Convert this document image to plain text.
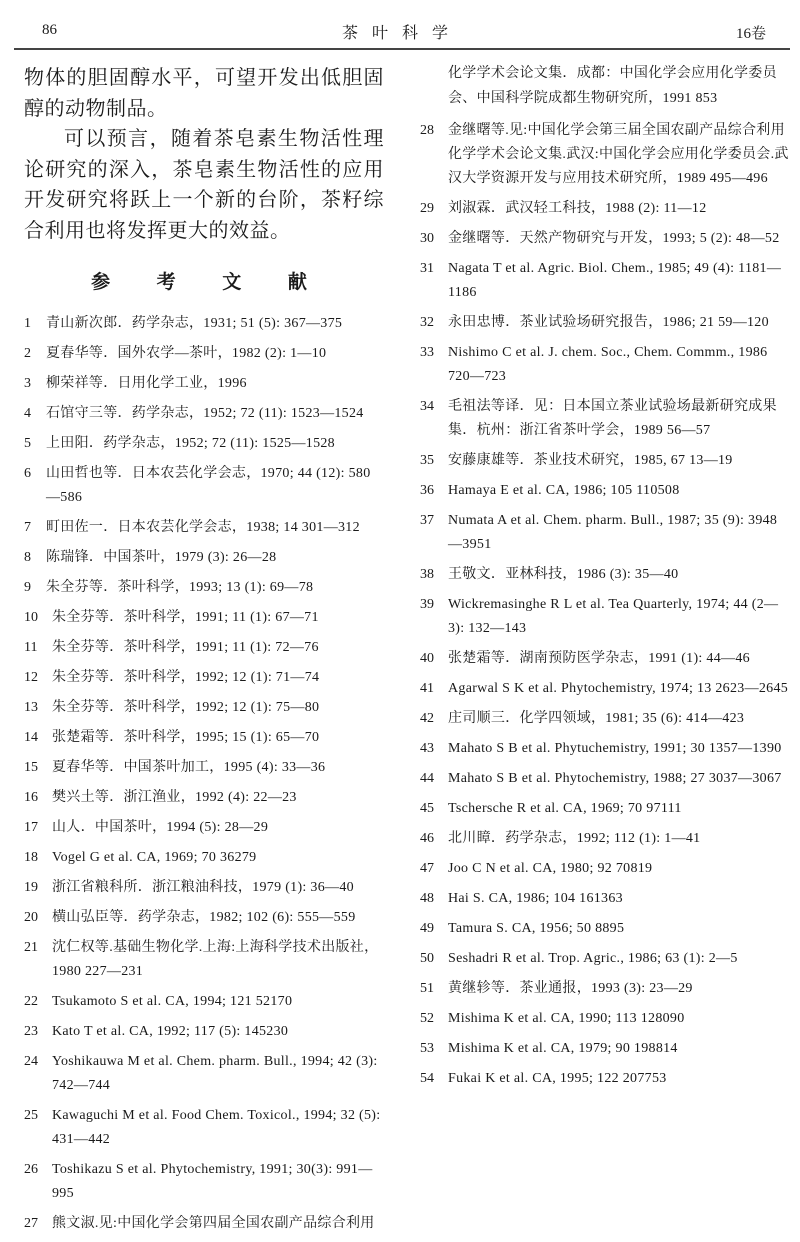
86	茶叶科学	16卷

物体的胆固醇水平，可望开发出低胆固醇的动物制品。

可以预言，随着茶皂素生物活性理论研究的深入，茶皂素生物活性的应用开发研究将跃上一个新的台阶，茶籽综合利用也将发挥更大的效益。

参 考 文 献
1	青山新次郎．药学杂志，1931; 51 (5): 367—375
2	夏春华等．国外农学—茶叶，1982 (2): 1—10
3	柳荣祥等．日用化学工业，1996
4	石馆守三等．药学杂志，1952; 72 (11): 1523—1524
5	上田阳．药学杂志，1952; 72 (11): 1525—1528
6	山田哲也等．日本农芸化学会志，1970; 44 (12): 580—586
7	町田佐一．日本农芸化学会志，1938; 14 301—312
8	陈瑞锋．中国茶叶，1979 (3): 26—28
9	朱全芬等．茶叶科学，1993; 13 (1): 69—78
10	朱全芬等．茶叶科学，1991; 11 (1): 67—71
11	朱全芬等．茶叶科学，1991; 11 (1): 72—76
12	朱全芬等．茶叶科学，1992; 12 (1): 71—74
13	朱全芬等．茶叶科学，1992; 12 (1): 75—80
14	张楚霜等．茶叶科学，1995; 15 (1): 65—70
15	夏春华等．中国茶叶加工，1995 (4): 33—36
16	樊兴土等．浙江渔业，1992 (4): 22—23
17	山人．中国茶叶，1994 (5): 28—29
18	Vogel G et al. CA, 1969; 70 36279
19	浙江省粮科所．浙江粮油科技，1979 (1): 36—40
20	横山弘臣等．药学杂志，1982; 102 (6): 555—559
21	沈仁权等.基础生物化学.上海:上海科学技术出版社，1980 227—231
22	Tsukamoto S et al. CA, 1994; 121 52170
23	Kato T et al. CA, 1992; 117 (5): 145230
24	Yoshikauwa M et al. Chem. pharm. Bull., 1994; 42 (3): 742—744
25	Kawaguchi M et al. Food Chem. Toxicol., 1994; 32 (5): 431—442
26	Toshikazu S et al. Phytochemistry, 1991; 30(3): 991—995
27	熊文淑.见:中国化学会第四届全国农副产品综合利用

化学学术会论文集．成都：中国化学会应用化学委员会、中国科学院成都生物研究所，1991 853

28	金继曙等.见:中国化学会第三届全国农副产品综合利用化学学术会论文集.武汉:中国化学会应用化学委员会.武汉大学资源开发与应用技术研究所，1989 495—496
29	刘淑霖．武汉轻工科技，1988 (2): 11—12
30	金继曙等．天然产物研究与开发，1993; 5 (2): 48—52
31	Nagata T et al. Agric. Biol. Chem., 1985; 49 (4): 1181—1186
32	永田忠博．茶业试验场研究报告，1986; 21 59—120
33	Nishimo C et al. J. chem. Soc., Chem. Commm., 1986 720—723
34	毛祖法等译．见：日本国立茶业试验场最新研究成果集．杭州：浙江省茶叶学会，1989 56—57
35	安藤康雄等．茶业技术研究，1985, 67 13—19
36	Hamaya E et al. CA, 1986; 105 110508
37	Numata A et al. Chem. pharm. Bull., 1987; 35 (9): 3948—3951
38	王敬文．亚林科技，1986 (3): 35—40
39	Wickremasinghe R L et al. Tea Quarterly, 1974; 44 (2—3): 132—143
40	张楚霜等．湖南预防医学杂志，1991 (1): 44—46
41	Agarwal S K et al. Phytochemistry, 1974; 13 2623—2645
42	庄司顺三．化学四领域，1981; 35 (6): 414—423
43	Mahato S B et al. Phytuchemistry, 1991; 30 1357—1390
44	Mahato S B et al. Phytochemistry, 1988; 27 3037—3067
45	Tschersche R et al. CA, 1969; 70 97111
46	北川瞕．药学杂志，1992; 112 (1): 1—41
47	Joo C N et al. CA, 1980; 92 70819
48	Hai S. CA, 1986; 104 161363
49	Tamura S. CA, 1956; 50 8895
50	Seshadri R et al. Trop. Agric., 1986; 63 (1): 2—5
51	黄继轸等．茶业通报，1993 (3): 23—29
52	Mishima K et al. CA, 1990; 113 128090
53	Mishima K et al. CA, 1979; 90 198814
54	Fukai K et al. CA, 1995; 122 207753
